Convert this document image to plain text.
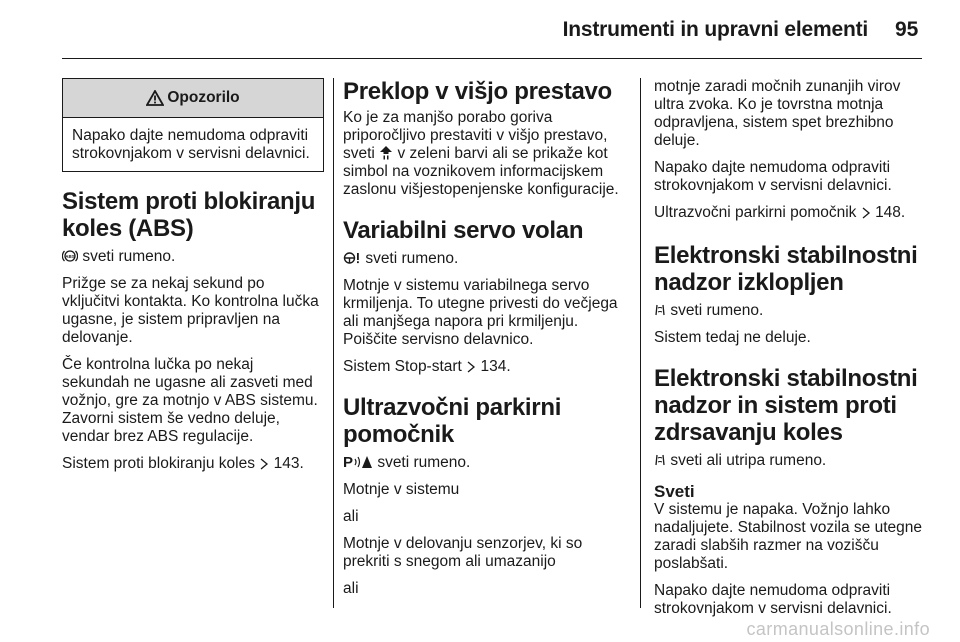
Instrumenti in upravni elementi 95
Opozorilo

Napako dajte nemudoma odpraviti strokovnjakom v servisni delavnici.

Sistem proti blokiranju koles (ABS)

ABS sveti rumeno.

Prižge se za nekaj sekund po vključitvi kontakta. Ko kontrolna lučka ugasne, je sistem pripravljen na delovanje.

Če kontrolna lučka po nekaj sekundah ne ugasne ali zasveti med vožnjo, gre za motnjo v ABS sistemu. Zavorni sistem še vedno deluje, vendar brez ABS regulacije.

Sistem proti blokiranju koles 143.

Preklop v višjo prestavo

Ko je za manjšo porabo goriva priporočljivo prestaviti v višjo prestavo, sveti v zeleni barvi ali se prikaže kot simbol na voznikovem informacijskem zaslonu višjestopenjenske konfiguracije.

Variabilni servo volan

sveti rumeno.

Motnje v sistemu variabilnega servo krmiljenja. To utegne privesti do večjega ali manjšega napora pri krmiljenju. Poiščite servisno delavnico.

Sistem Stop-start 134.

Ultrazvočni parkirni pomočnik

P sveti rumeno.

Motnje v sistemu

ali

Motnje v delovanju senzorjev, ki so prekriti s snegom ali umazanijo

ali

motnje zaradi močnih zunanjih virov ultra zvoka. Ko je tovrstna motnja odpravljena, sistem spet brezhibno deluje.

Napako dajte nemudoma odpraviti strokovnjakom v servisni delavnici.

Ultrazvočni parkirni pomočnik 148.

Elektronski stabilnostni nadzor izklopljen

sveti rumeno.

Sistem tedaj ne deluje.

Elektronski stabilnostni nadzor in sistem proti zdrsavanju koles

sveti ali utripa rumeno.

Sveti

V sistemu je napaka. Vožnjo lahko nadaljujete. Stabilnost vozila se utegne zaradi slabših razmer na vozišču poslabšati.

Napako dajte nemudoma odpraviti strokovnjakom v servisni delavnici.

carmanualsonline.info
